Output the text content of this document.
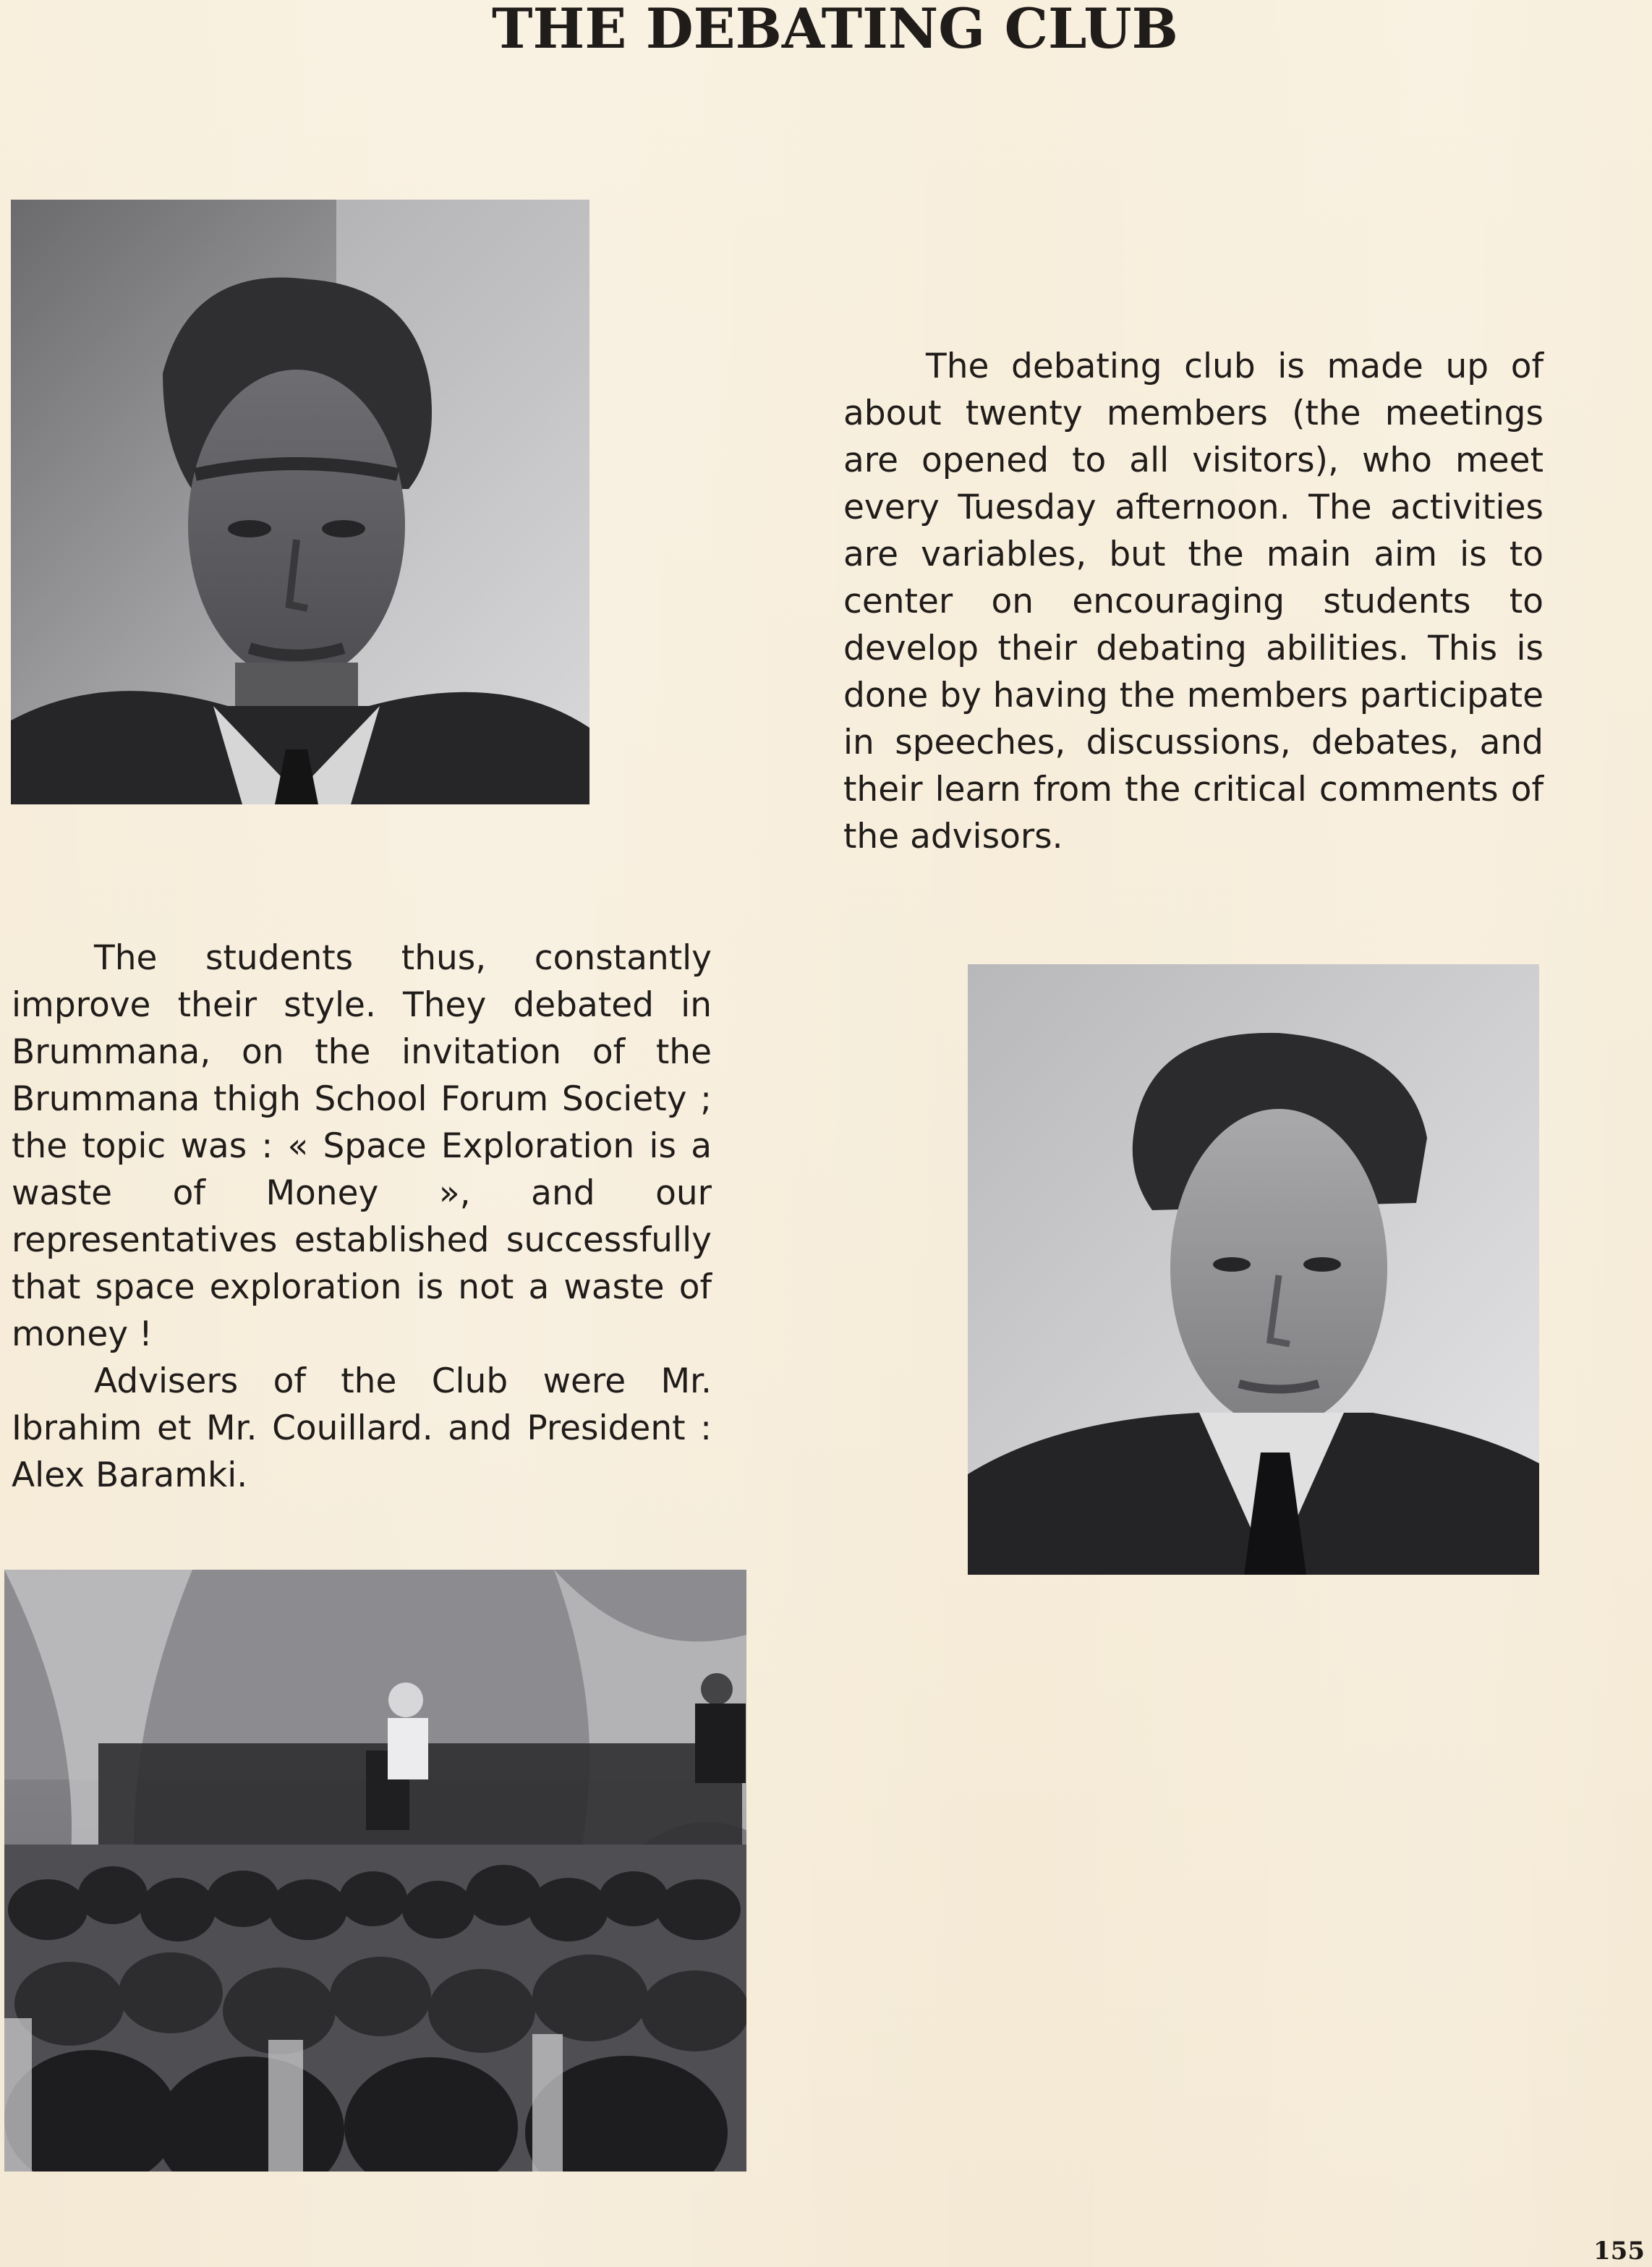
THE DEBATING CLUB

The debating club is made up of about twenty members (the meetings are opened to all visitors), who meet every Tuesday afternoon. The activities are variables, but the main aim is to center on encouraging students to develop their debating abilities. This is done by having the members participate in speeches, discussions, debates, and their learn from the critical comments of the advisors.

The students thus, constantly improve their style. They debated in Brummana, on the invitation of the Brummana thigh School Forum Society ; the topic was : « Space Exploration is a waste of Money », and our representatives established successfully that space exploration is not a waste of money !

Advisers of the Club were Mr. Ibrahim et Mr. Couillard. and President : Alex Baramki.

155
